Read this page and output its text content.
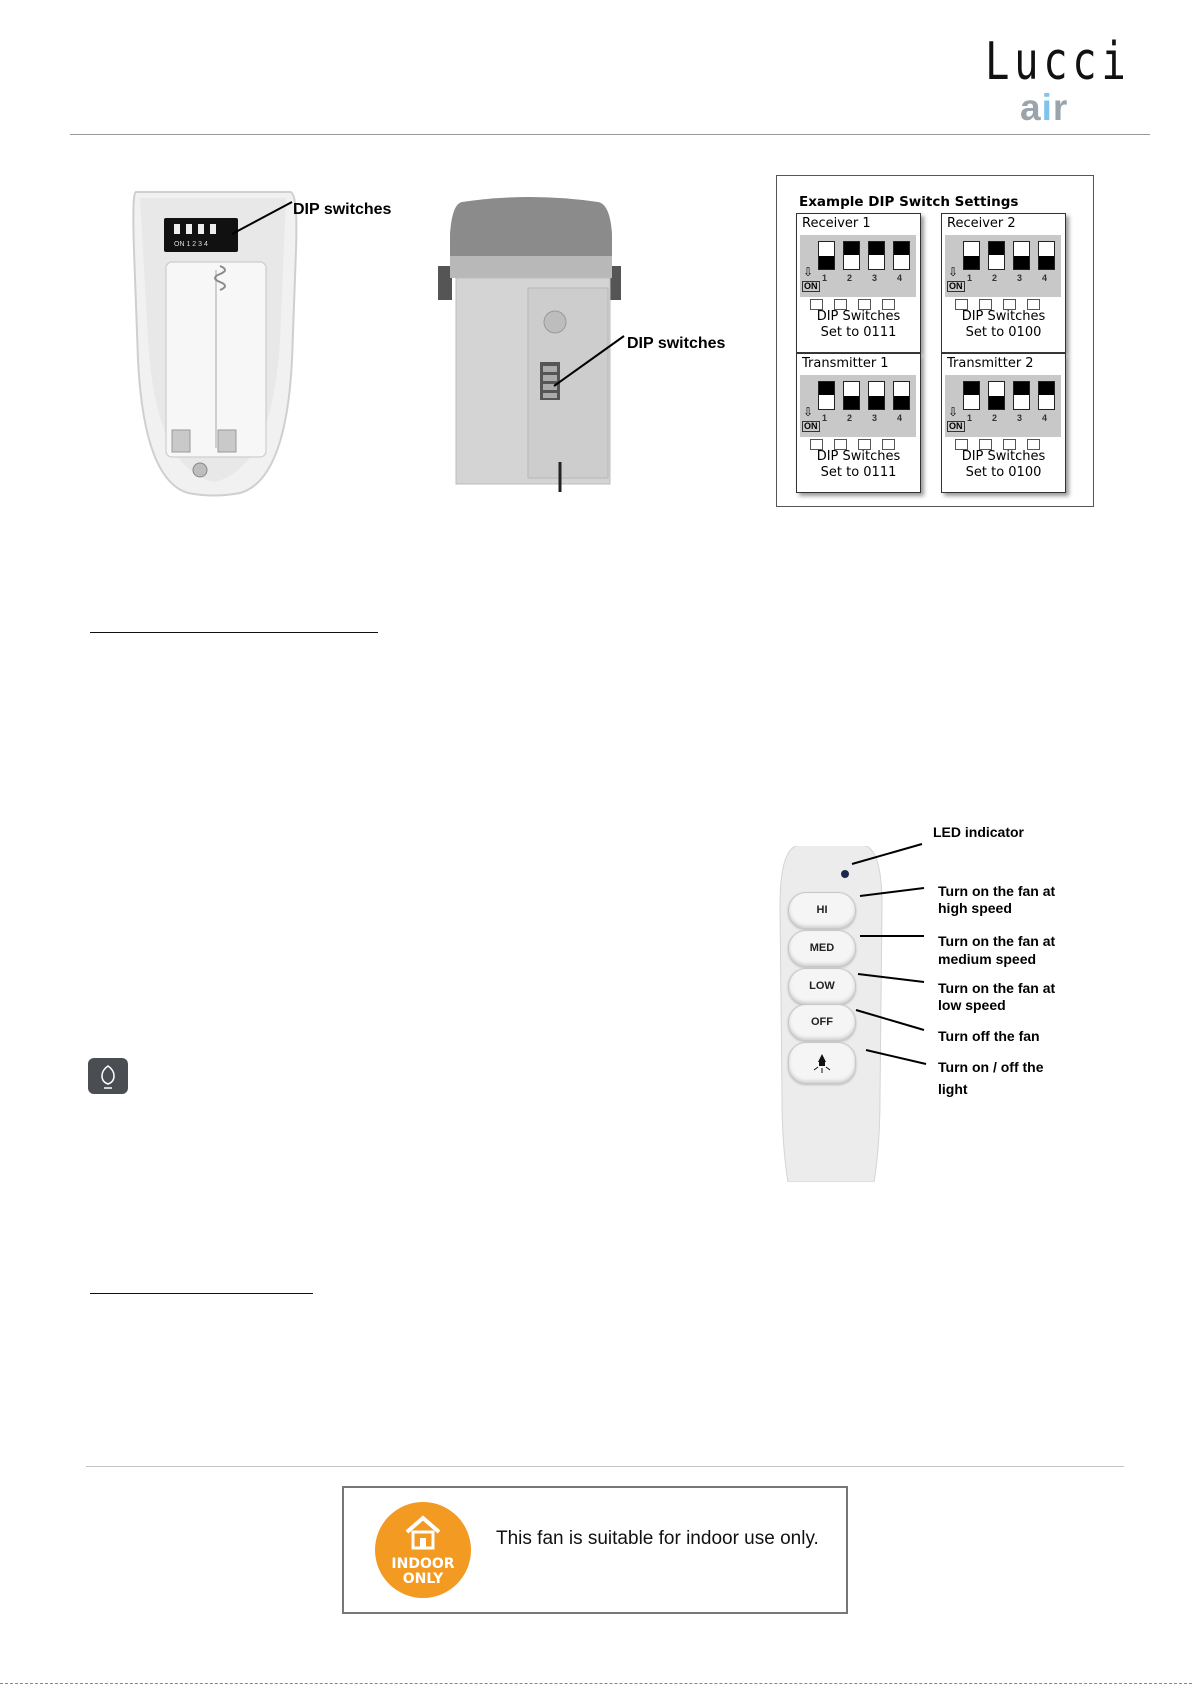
Lucci
air
ON 1 2 3 4
DIP switches
DIP switches
Example DIP Switch Settings
Receiver 1
⇩ 1 2 3 4
ON
DIP Switches
Set to 0111
Receiver 2
⇩ 1 2 3 4
ON
DIP Switches
Set to 0100
Transmitter 1
⇩ 1 2 3 4
ON
DIP Switches
Set to 0111
Transmitter 2
⇩ 1 2 3 4
ON
DIP Switches
Set to 0100
HI
MED
LOW
OFF
LED indicator
Turn on the fan at
high speed
Turn on the fan at
medium speed
Turn on the fan at
low speed
Turn off the fan
Turn on / off the
light
INDOOR
ONLY
This fan is suitable for indoor use only.
